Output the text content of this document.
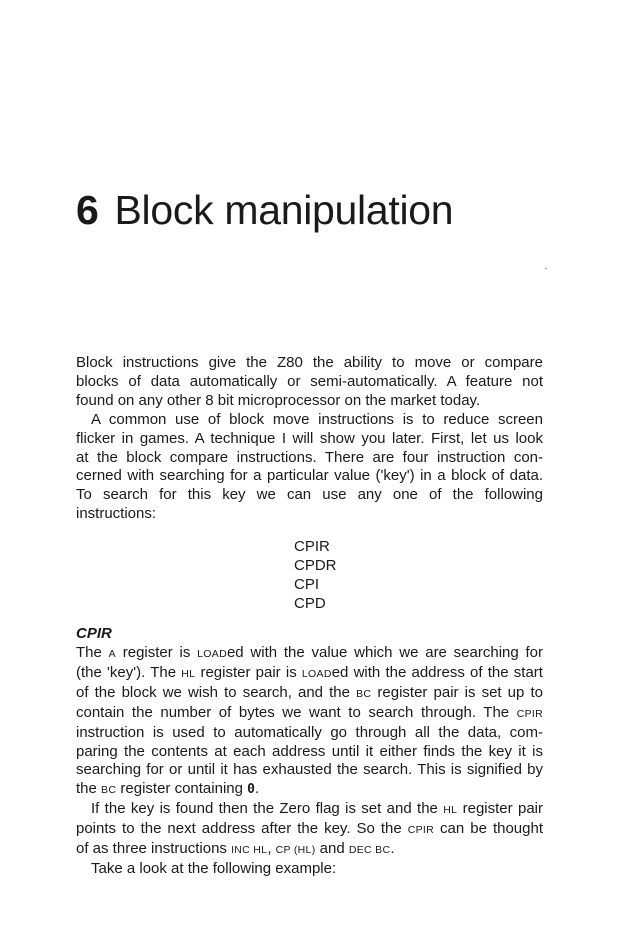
6 Block manipulation
Block instructions give the Z80 the ability to move or compare
blocks of data automatically or semi-automatically. A feature not
found on any other 8 bit microprocessor on the market today.
A common use of block move instructions is to reduce screen
flicker in games. A technique I will show you later. First, let us look
at the block compare instructions. There are four instruction con-
cerned with searching for a particular value ('key') in a block of data.
To search for this key we can use any one of the following
instructions:
CPIR
CPDR
CPI
CPD
CPIR
The A register is LOADed with the value which we are searching for
(the 'key'). The HL register pair is LOADed with the address of the start
of the block we wish to search, and the BC register pair is set up to
contain the number of bytes we want to search through. The CPIR
instruction is used to automatically go through all the data, com-
paring the contents at each address until it either finds the key it is
searching for or until it has exhausted the search. This is signified by
the BC register containing 0.
If the key is found then the Zero flag is set and the HL register pair
points to the next address after the key. So the CPIR can be thought
of as three instructions INC HL, CP (HL) and DEC BC.
Take a look at the following example:
